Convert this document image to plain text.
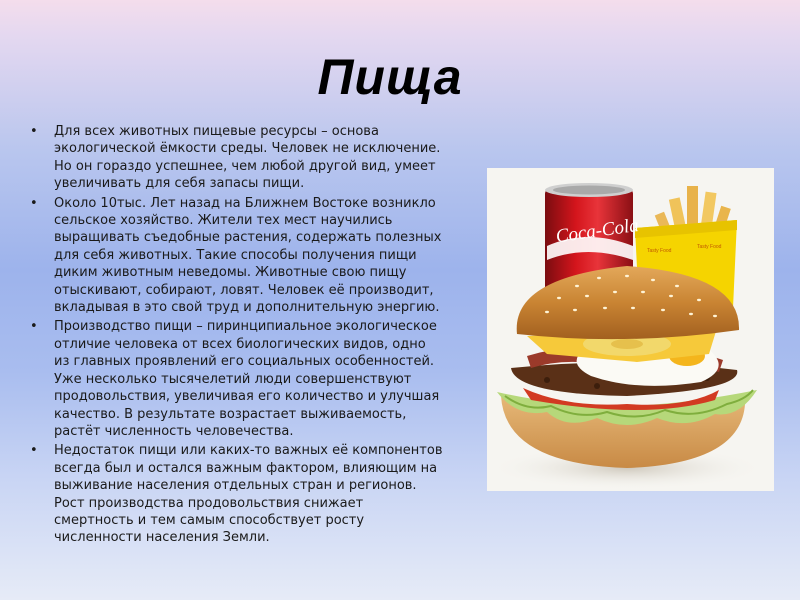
Пища
• Для всех животных пищевые ресурсы – основа
экологической ёмкости среды. Человек не исключение.
Но он гораздо успешнее, чем любой другой вид, умеет
увеличивать для себя запасы пищи.
• Около 10тыс. Лет назад на Ближнем Востоке возникло
сельское хозяйство. Жители тех мест научились
выращивать съедобные растения, содержать полезных
для себя животных. Такие способы получения пищи
диким животным неведомы. Животные свою пищу
отыскивают, собирают, ловят. Человек её производит,
вкладывая в это свой труд и дополнительную энергию.
• Производство пищи – пиринципиальное экологическое
отличие человека от всех биологических видов, одно
из главных проявлений его социальных особенностей.
Уже несколько тысячелетий люди совершенствуют
продовольствия, увеличивая его количество и улучшая
качество. В результате возрастает выживаемость,
растёт численность человечества.
• Недостаток пищи или каких-то важных её компонентов
всегда был и остался важным фактором, влияющим на
выживание населения отдельных стран и регионов.
Рост производства продовольствия снижает
смертность и тем самым способствует росту
численности населения Земли.
Tasty Food
Tasty Food
Coca-Cola
